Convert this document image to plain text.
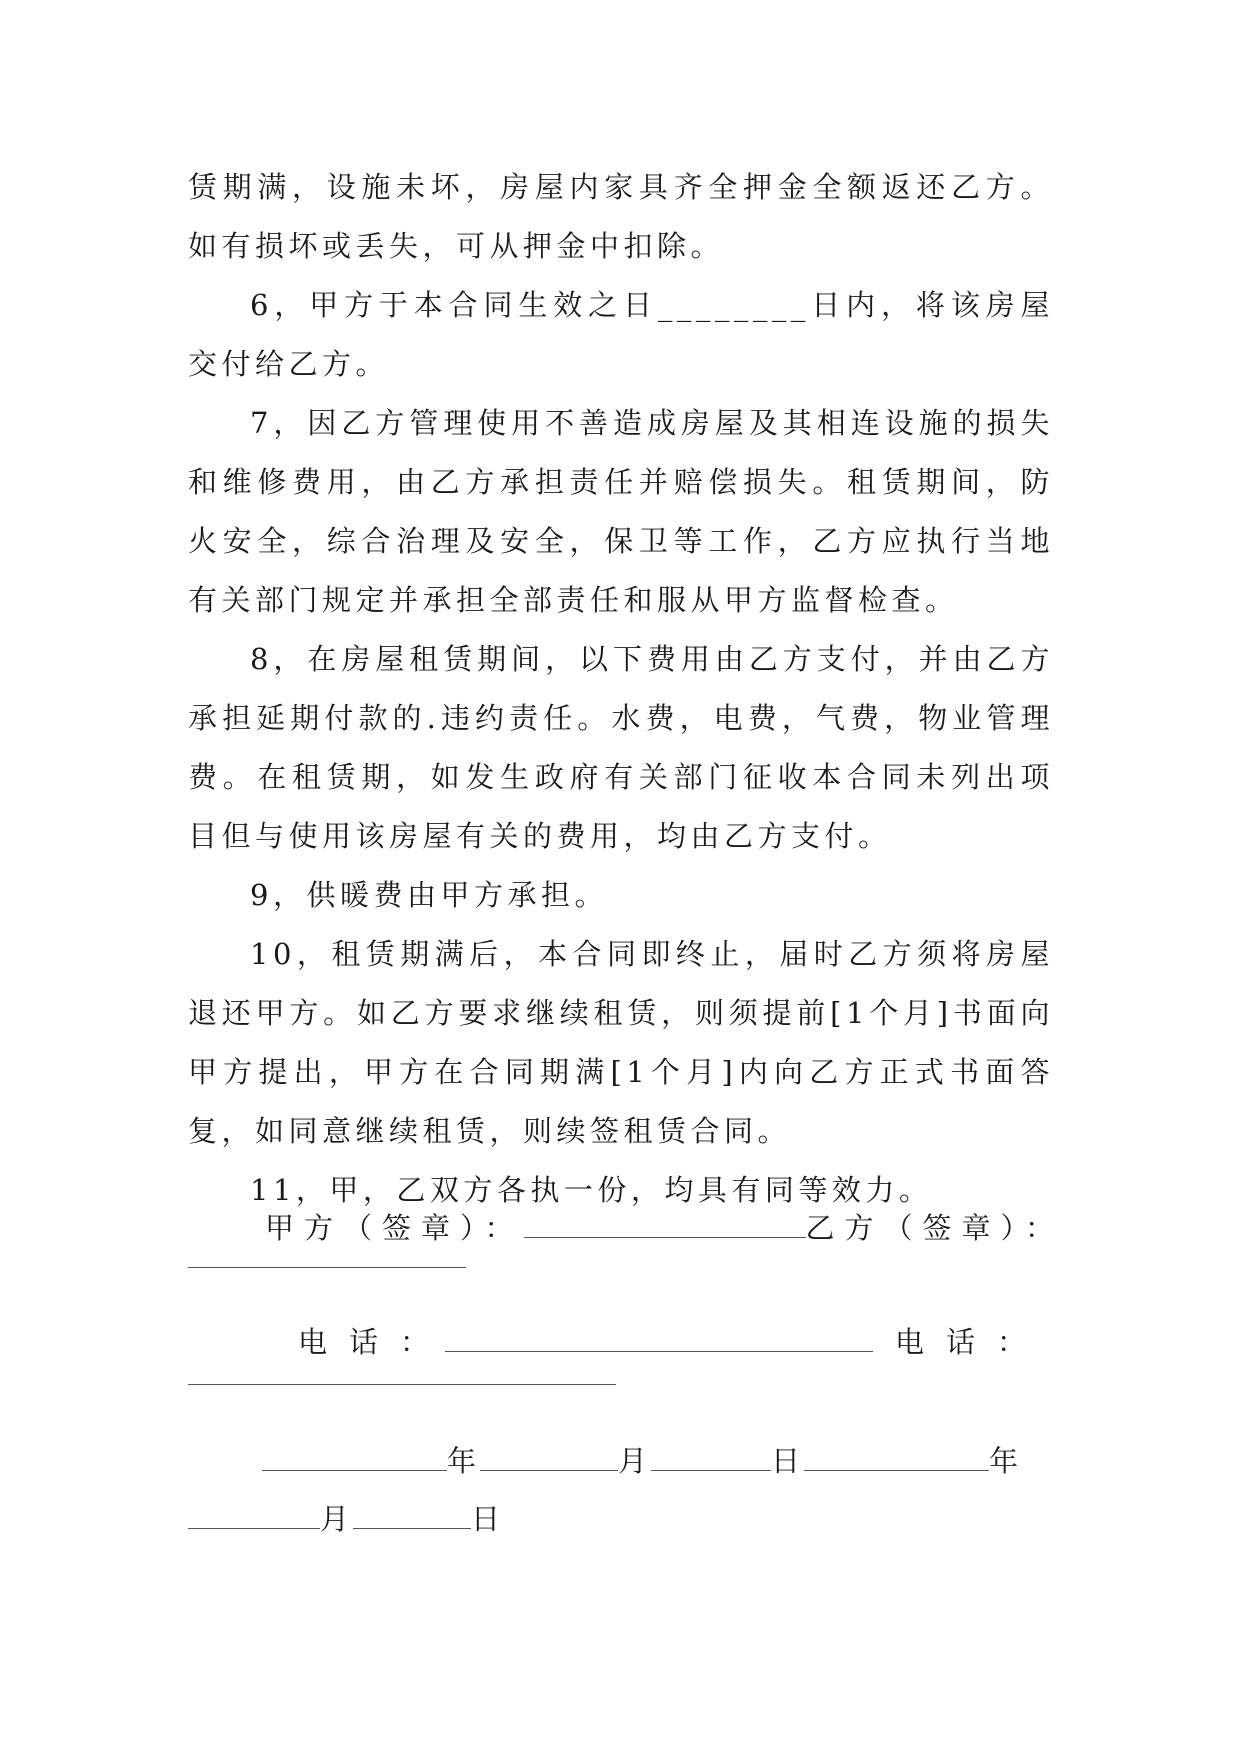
赁期满，设施未坏，房屋内家具齐全押金全额返还乙方。如有损坏或丢失，可从押金中扣除。

6，甲方于本合同生效之日________日内，将该房屋交付给乙方。

7，因乙方管理使用不善造成房屋及其相连设施的损失和维修费用，由乙方承担责任并赔偿损失。租赁期间，防火安全，综合治理及安全，保卫等工作，乙方应执行当地有关部门规定并承担全部责任和服从甲方监督检查。

8，在房屋租赁期间，以下费用由乙方支付，并由乙方承担延期付款的.违约责任。水费，电费，气费，物业管理费。在租赁期，如发生政府有关部门征收本合同未列出项目但与使用该房屋有关的费用，均由乙方支付。

9，供暖费由甲方承担。

10，租赁期满后，本合同即终止，届时乙方须将房屋退还甲方。如乙方要求继续租赁，则须提前[1个月]书面向甲方提出，甲方在合同期满[1个月]内向乙方正式书面答复，如同意继续租赁，则续签租赁合同。

11，甲，乙双方各执一份，均具有同等效力。

甲方（签章）：	乙方（签章）：
电话：	电话：
年	月	日	年
月	日
